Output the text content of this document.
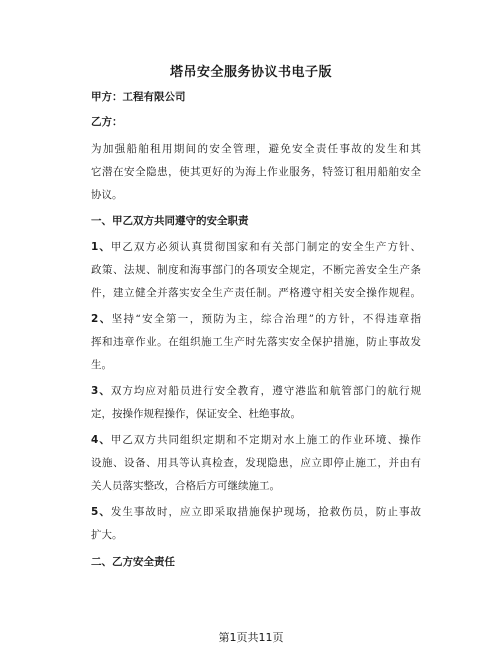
塔吊安全服务协议书电子版
甲方：工程有限公司
乙方：
为加强船舶租用期间的安全管理，避免安全责任事故的发生和其
它潜在安全隐患，使其更好的为海上作业服务，特签订租用船舶安全
协议。
一、甲乙双方共同遵守的安全职责
1、甲乙双方必须认真贯彻国家和有关部门制定的安全生产方针、
政策、法规、制度和海事部门的各项安全规定，不断完善安全生产条
件，建立健全并落实安全生产责任制。严格遵守相关安全操作规程。
2、坚持“安全第一，预防为主，综合治理”的方针，不得违章指
挥和违章作业。在组织施工生产时先落实安全保护措施，防止事故发
生。
3、双方均应对船员进行安全教育，遵守港监和航管部门的航行规
定，按操作规程操作，保证安全、杜绝事故。
4、甲乙双方共同组织定期和不定期对水上施工的作业环境、操作
设施、设备、用具等认真检查，发现隐患，应立即停止施工，并由有
关人员落实整改，合格后方可继续施工。
5、发生事故时，应立即采取措施保护现场，抢救伤员，防止事故
扩大。
二、乙方安全责任
第1页共11页
